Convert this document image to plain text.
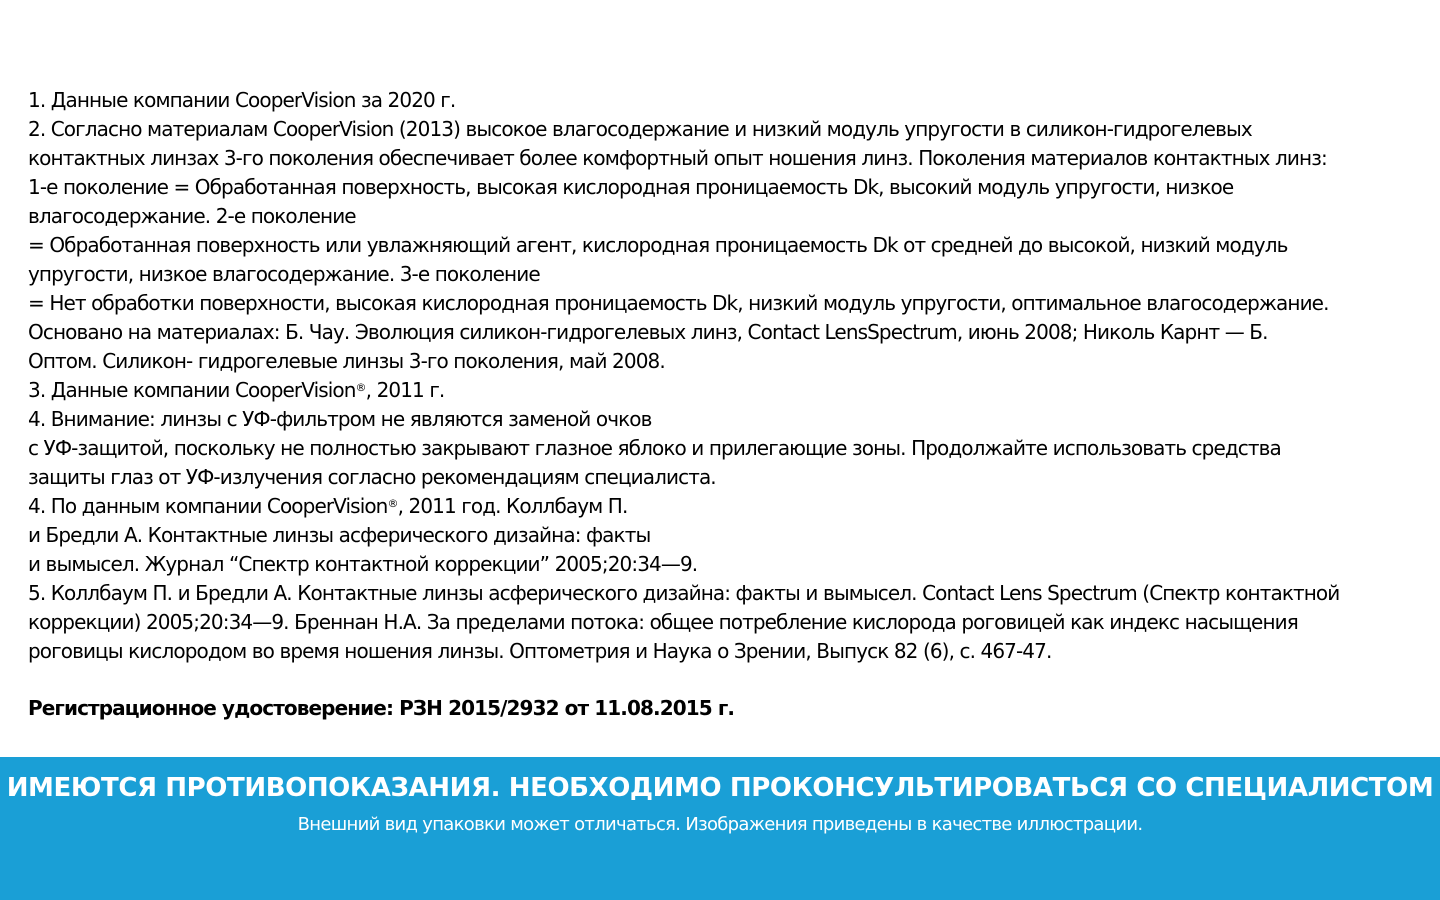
1. Данные компании CooperVision за 2020 г.
2. Согласно материалам CooperVision (2013) высокое влагосодержание и низкий модуль упругости в силикон-гидрогелевых
контактных линзах 3-го поколения обеспечивает более комфортный опыт ношения линз. Поколения материалов контактных линз:
1-е поколение = Обработанная поверхность, высокая кислородная проницаемость Dk, высокий модуль упругости, низкое
влагосодержание. 2-е поколение
= Обработанная поверхность или увлажняющий агент, кислородная проницаемость Dk от средней до высокой, низкий модуль
упругости, низкое влагосодержание. 3-е поколение
= Нет обработки поверхности, высокая кислородная проницаемость Dk, низкий модуль упругости, оптимальное влагосодержание.
Основано на материалах: Б. Чау. Эволюция силикон-гидрогелевых линз, Contact LensSpectrum, июнь 2008; Николь Карнт — Б.
Оптом. Силикон- гидрогелевые линзы 3-го поколения, май 2008.
3. Данные компании CooperVision®, 2011 г.
4. Внимание: линзы с УФ-фильтром не являются заменой очков
с УФ-защитой, поскольку не полностью закрывают глазное яблоко и прилегающие зоны. Продолжайте использовать средства
защиты глаз от УФ-излучения согласно рекомендациям специалиста.
4. По данным компании CooperVision®, 2011 год. Коллбаум П.
и Бредли А. Контактные линзы асферического дизайна: факты
и вымысел. Журнал “Спектр контактной коррекции” 2005;20:34—9.
5. Коллбаум П. и Бредли А. Контактные линзы асферического дизайна: факты и вымысел. Contact Lens Spectrum (Спектр контактной
коррекции) 2005;20:34—9. Бреннан Н.А. За пределами потока: общее потребление кислорода роговицей как индекс насыщения
роговицы кислородом во время ношения линзы. Оптометрия и Наука о Зрении, Выпуск 82 (6), с. 467-47.
Регистрационное удостоверение: РЗН 2015/2932 от 11.08.2015 г.
ИМЕЮТСЯ ПРОТИВОПОКАЗАНИЯ. НЕОБХОДИМО ПРОКОНСУЛЬТИРОВАТЬСЯ СО СПЕЦИАЛИСТОМ
Внешний вид упаковки может отличаться. Изображения приведены в качестве иллюстрации.
